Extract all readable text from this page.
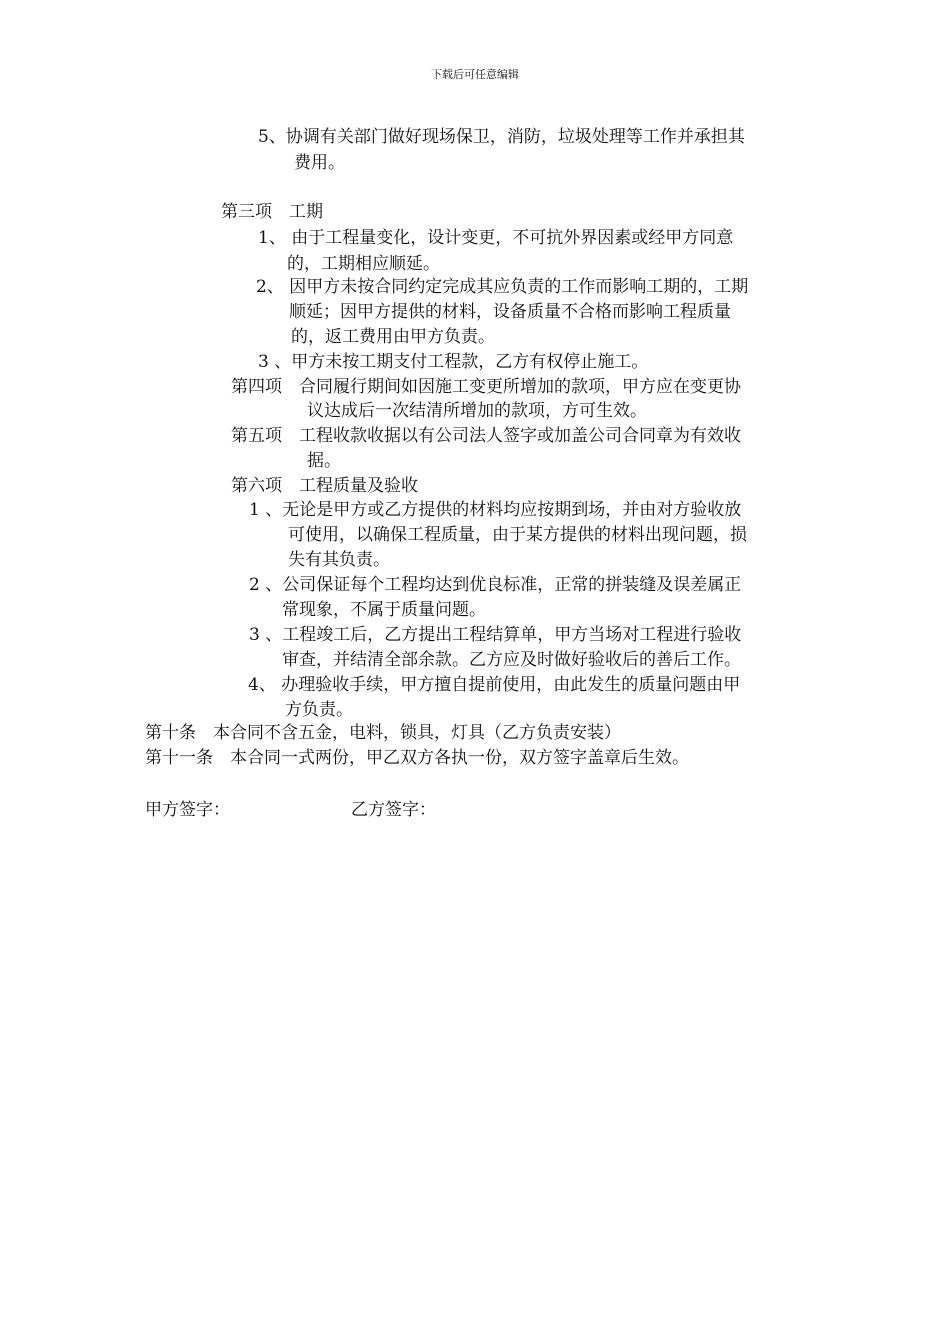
下载后可任意编辑
5、协调有关部门做好现场保卫，消防，垃圾处理等工作并承担其
费用。
第三项　工期
1、 由于工程量变化，设计变更，不可抗外界因素或经甲方同意
的，工期相应顺延。
2、 因甲方未按合同约定完成其应负责的工作而影响工期的，工期
顺延；因甲方提供的材料，设备质量不合格而影响工程质量
的，返工费用由甲方负责。
3 、甲方未按工期支付工程款，乙方有权停止施工。
第四项　合同履行期间如因施工变更所增加的款项，甲方应在变更协
议达成后一次结清所增加的款项，方可生效。
第五项　工程收款收据以有公司法人签字或加盖公司合同章为有效收
据。
第六项　工程质量及验收
1 、无论是甲方或乙方提供的材料均应按期到场，并由对方验收放
可使用，以确保工程质量，由于某方提供的材料出现问题，损
失有其负责。
2 、公司保证每个工程均达到优良标准，正常的拼装缝及误差属正
常现象，不属于质量问题。
3 、工程竣工后，乙方提出工程结算单，甲方当场对工程进行验收
审查，并结清全部余款。乙方应及时做好验收后的善后工作。
4、 办理验收手续，甲方擅自提前使用，由此发生的质量问题由甲
方负责。
第十条　本合同不含五金，电料，锁具，灯具（乙方负责安装）
第十一条　本合同一式两份，甲乙双方各执一份，双方签字盖章后生效。
甲方签字：	乙方签字：
